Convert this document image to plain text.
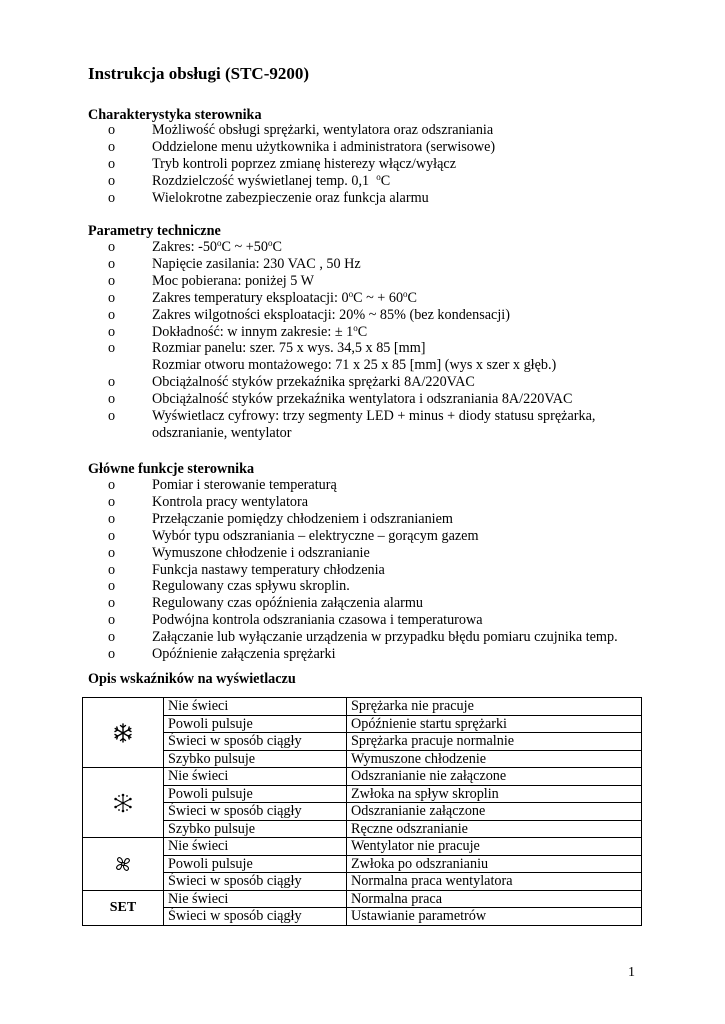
Instrukcja obsługi (STC-9200)
Charakterystyka sterownika
o	Możliwość obsługi sprężarki, wentylatora oraz odszraniania
o	Oddzielone menu użytkownika i administratora (serwisowe)
o	Tryb kontroli poprzez zmianę histerezy włącz/wyłącz
o	Rozdzielczość wyświetlanej temp. 0,1 $^o$C
o	Wielokrotne zabezpieczenie oraz funkcja alarmu
Parametry techniczne
o	Zakres: -50$^o$C ~ $+50^oC$
o	Napięcie zasilania: 230 VAC , 50 Hz
o	Moc pobierana: poniżej 5 W
o	Zakres temperatury eksploatacji: 0$^o$C ~ + $60^oC$
o	Zakres wilgotności eksploatacji: 20% ~ 85% (bez kondensacji)
o	Dokładność: w innym zakresie: ± $1^oC$
o	Rozmiar panelu: szer. 75 x wys. 34,5 x 85 [mm]
Rozmiar otworu montażowego: 71 x 25 x 85 [mm] (wys x szer x głęb.)
o	Obciążalność styków przekaźnika sprężarki 8A/220VAC
o	Obciążalność styków przekaźnika wentylatora i odszraniania 8A/220VAC
o	Wyświetlacz cyfrowy: trzy segmenty LED + minus + diody statusu sprężarka,
odszranianie, wentylator
Główne funkcje sterownika
o	Pomiar i sterowanie temperaturą
o	Kontrola pracy wentylatora
o	Przełączanie pomiędzy chłodzeniem i odszranianiem
o	Wybór typu odszraniania – elektryczne – gorącym gazem
o	Wymuszone chłodzenie i odszranianie
o	Funkcja nastawy temperatury chłodzenia
o	Regulowany czas spływu skroplin.
o	Regulowany czas opóźnienia załączenia alarmu
o	Podwójna kontrola odszraniania czasowa i temperaturowa
o	Załączanie lub wyłączanie urządzenia w przypadku błędu pomiaru czujnika temp.
o	Opóźnienie załączenia sprężarki
Opis wskaźników na wyświetlaczu
	Nie świeci	Sprężarka nie pracuje
	Powoli pulsuje	Opóźnienie startu sprężarki
	Świeci w sposób ciągły	Sprężarka pracuje normalnie
	Szybko pulsuje	Wymuszone chłodzenie

	Nie świeci	Odszranianie nie załączone
	Powoli pulsuje	Zwłoka na spływ skroplin
	Świeci w sposób ciągły	Odszranianie załączone
	Szybko pulsuje	Ręczne odszranianie

	Nie świeci	Wentylator nie pracuje
	Powoli pulsuje	Zwłoka po odszranianiu
	Świeci w sposób ciągły	Normalna praca wentylatora
SET	Nie świeci	Normalna praca
	Świeci w sposób ciągły	Ustawianie parametrów
1
